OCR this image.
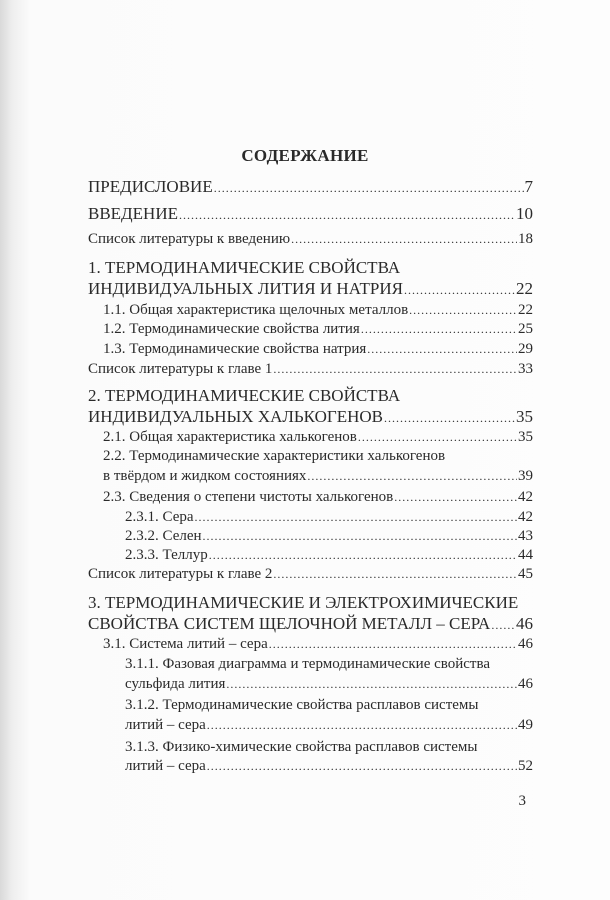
СОДЕРЖАНИЕ
ПРЕДИСЛОВИЕ .....	7
ВВЕДЕНИЕ .....	10
Список литературы к введению .....	18
1. ТЕРМОДИНАМИЧЕСКИЕ СВОЙСТВА
ИНДИВИДУАЛЬНЫХ ЛИТИЯ И НАТРИЯ .....	22
1.1. Общая характеристика щелочных металлов .....	22
1.2. Термодинамические свойства лития .....	25
1.3. Термодинамические свойства натрия .....	29
Список литературы к главе 1 .....	33
2. ТЕРМОДИНАМИЧЕСКИЕ СВОЙСТВА
ИНДИВИДУАЛЬНЫХ ХАЛЬКОГЕНОВ .....	35
2.1. Общая характеристика халькогенов .....	35
2.2. Термодинамические характеристики халькогенов
в твёрдом и жидком состояниях .....	39
2.3. Сведения о степени чистоты халькогенов .....	42
2.3.1. Сера .....	42
2.3.2. Селен .....	43
2.3.3. Теллур .....	44
Список литературы к главе 2 .....	45
3. ТЕРМОДИНАМИЧЕСКИЕ И ЭЛЕКТРОХИМИЧЕСКИЕ
СВОЙСТВА СИСТЕМ ЩЕЛОЧНОЙ МЕТАЛЛ – СЕРА ..... 46
3.1. Система литий – сера .....	46
3.1.1. Фазовая диаграмма и термодинамические свойства
сульфида лития .....	46
3.1.2. Термодинамические свойства расплавов системы
литий – сера .....	49
3.1.3. Физико-химические свойства расплавов системы
литий – сера .....	52
3
